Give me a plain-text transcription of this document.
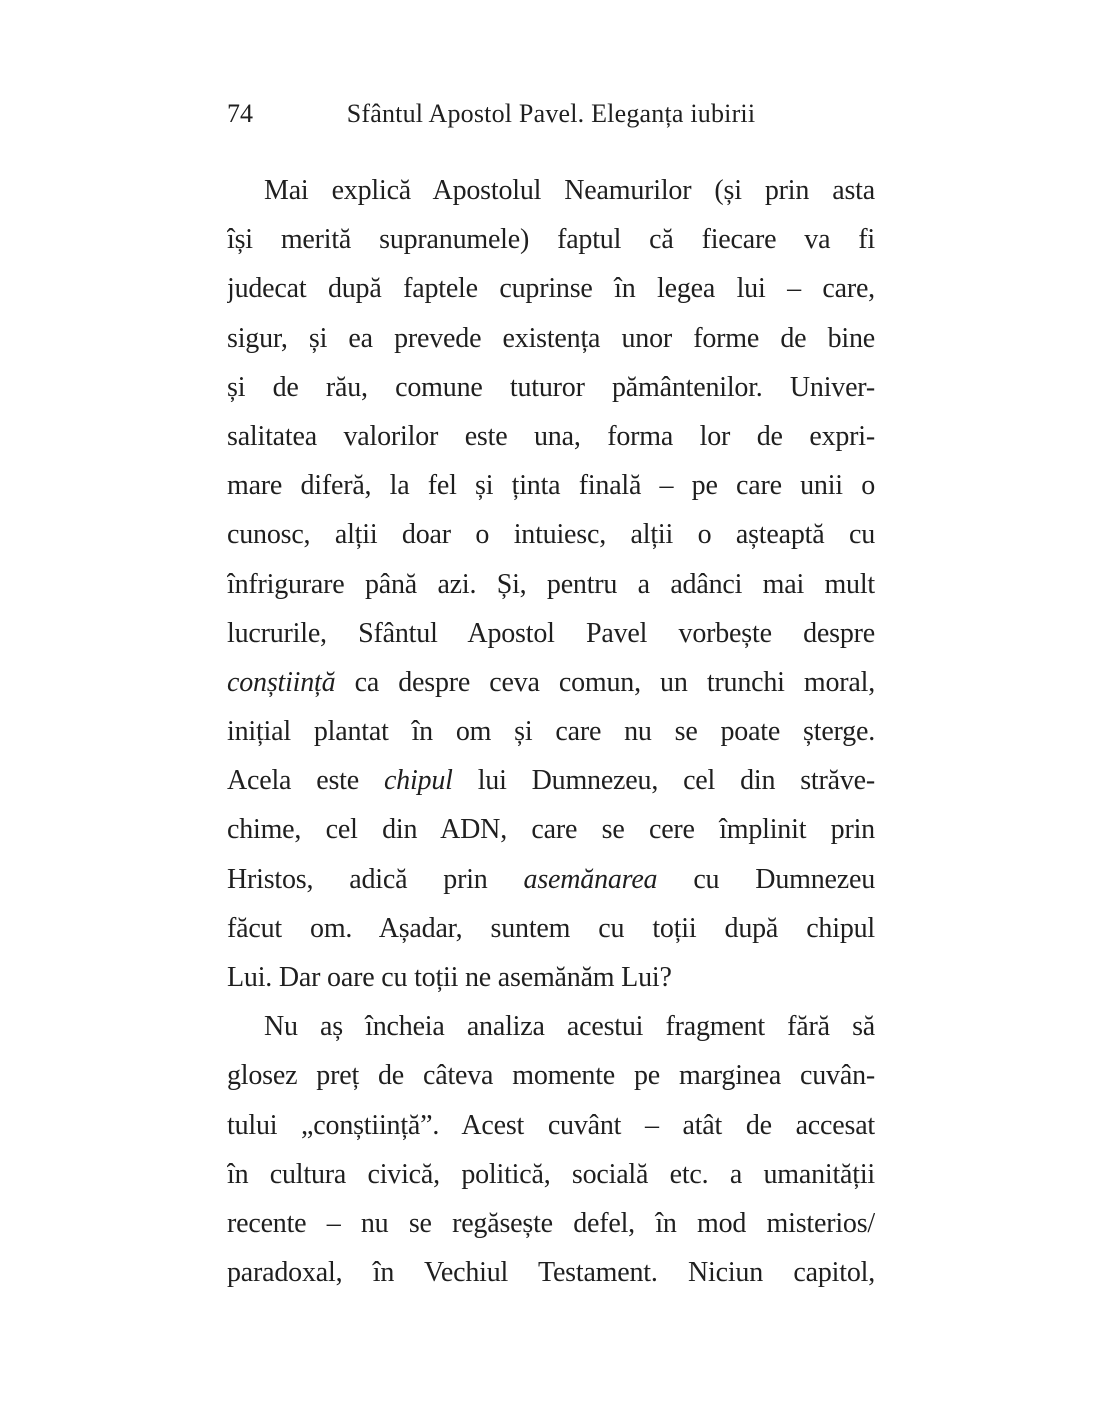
74	Sfântul Apostol Pavel. Eleganța iubirii
Mai explică Apostolul Neamurilor (și prin asta
își merită supranumele) faptul că fiecare va fi
judecat după faptele cuprinse în legea lui – care,
sigur, și ea prevede existența unor forme de bine
și de rău, comune tuturor pământenilor. Univer-
salitatea valorilor este una, forma lor de expri-
mare diferă, la fel și ținta finală – pe care unii o
cunosc, alții doar o intuiesc, alții o așteaptă cu
înfrigurare până azi. Și, pentru a adânci mai mult
lucrurile, Sfântul Apostol Pavel vorbește despre
conștiință ca despre ceva comun, un trunchi moral,
inițial plantat în om și care nu se poate șterge.
Acela este chipul lui Dumnezeu, cel din străve-
chime, cel din ADN, care se cere împlinit prin
Hristos, adică prin asemănarea cu Dumnezeu
făcut om. Așadar, suntem cu toții după chipul
Lui. Dar oare cu toții ne asemănăm Lui?
Nu aș încheia analiza acestui fragment fără să
glosez preț de câteva momente pe marginea cuvân-
tului „conștiință”. Acest cuvânt – atât de accesat
în cultura civică, politică, socială etc. a umanității
recente – nu se regăsește defel, în mod misterios/
paradoxal, în Vechiul Testament. Niciun capitol,
